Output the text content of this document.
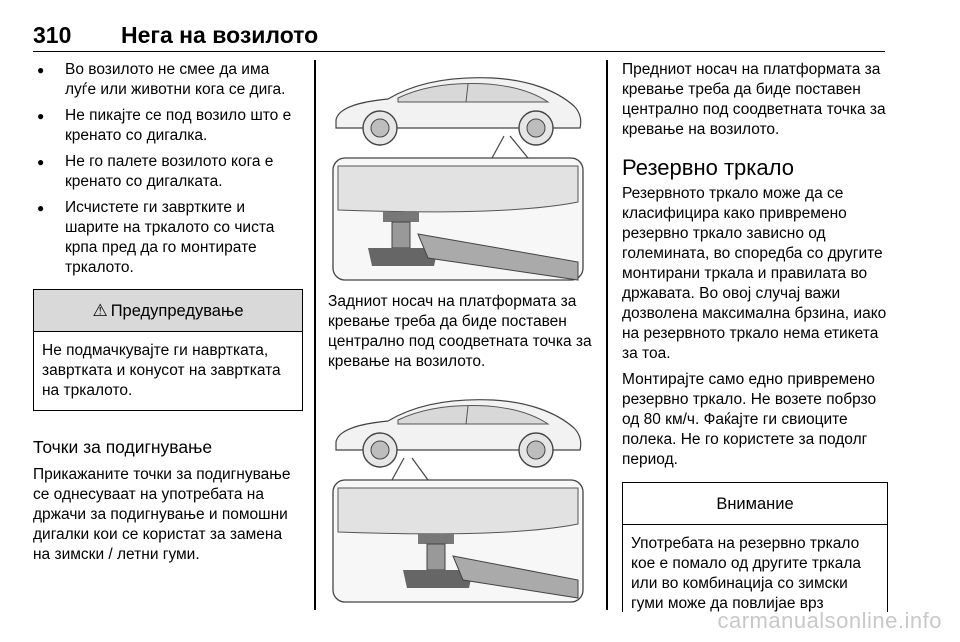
310 Нега на возилото
● Во возилото не смее да има луѓе или животни кога се дига.
● Не пикајте се под возило што е кренато со дигалка.
● Не го палете возилото кога е кренато со дигалката.
● Исчистете ги завртките и шарите на тркалото со чиста крпа пред да го монтирате тркалото.
⚠ Предупредување
Не подмачкувајте ги навртката, завртката и конусот на завртката на тркалото.
Точки за подигнување

Прикажаните точки за подигнување се однесуваат на употребата на држачи за подигнување и помошни дигалки кои се користат за замена на зимски / летни гуми.

Задниот носач на платформата за кревање треба да биде поставен централно под соодветната точка за кревање на возилото.

Предниот носач на платформата за кревање треба да биде поставен централно под соодветната точка за кревање на возилото.

Резервно тркало

Резервното тркало може да се класифицира како привремено резервно тркало зависно од големината, во споредба со другите монтирани тркала и правилата во државата. Во овој случај важи дозволена максимална брзина, иако на резервното тркало нема етикета за тоа.

Монтирајте само едно привремено резервно тркало. Не возете побрзо од 80 км/ч. Фаќајте ги свиоците полека. Не го користете за подолг период.

Внимание
Употребата на резервно тркало кое е помало од другите тркала или во комбинација со зимски гуми може да повлијае врз
carmanualsonline.info
